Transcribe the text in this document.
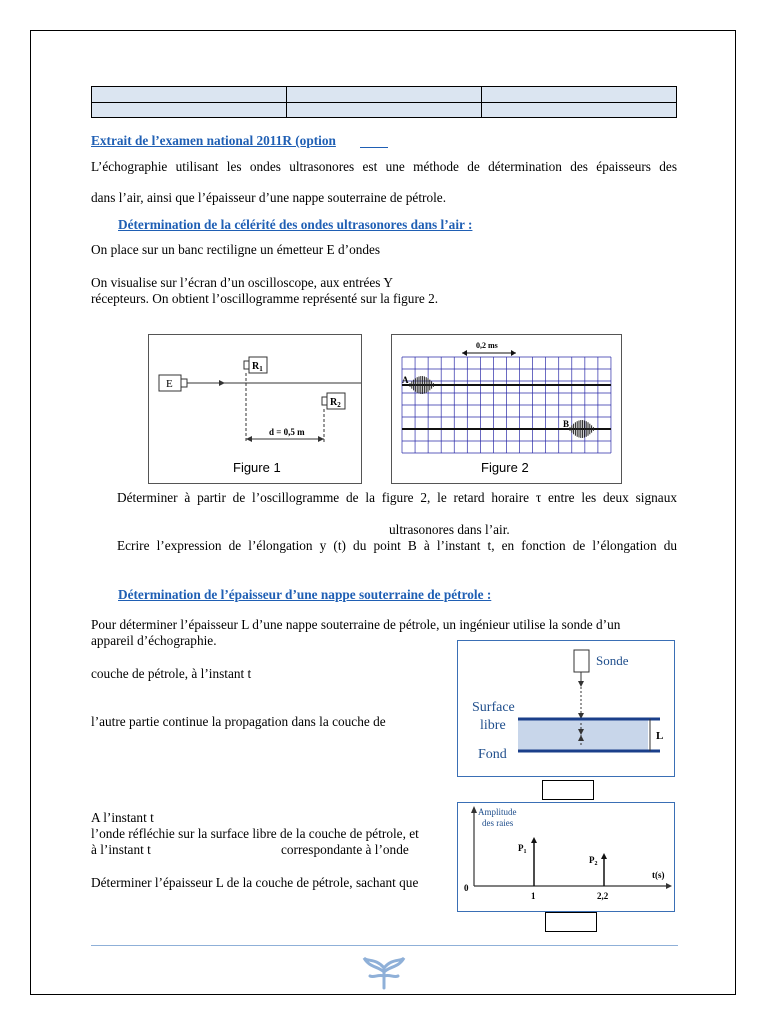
Extrait de l’examen national 2011R (option
L’échographie utilisant les ondes ultrasonores est une méthode de détermination des épaisseurs des
dans l’air, ainsi que l’épaisseur d’une nappe souterraine de pétrole.
Détermination de la célérité des ondes ultrasonores dans l’air :
On place sur un banc rectiligne un émetteur E d’ondes
On visualise sur l’écran d’un oscilloscope, aux entrées Y
récepteurs. On obtient l’oscillogramme représenté sur la figure 2.
E
$R_1$
$R_2$
d = 0,5 m
Figure 1
0,2 ms
A
B
Figure 2
Déterminer à partir de l’oscillogramme de la figure 2, le retard horaire τ entre les deux signaux
ultrasonores dans l’air.
Ecrire l’expression de l’élongation y (t) du point B à l’instant t, en fonction de l’élongation du
Détermination de l’épaisseur d’une nappe souterraine de pétrole :
Pour déterminer l’épaisseur L d’une nappe souterraine de pétrole, un ingénieur utilise la sonde d’un
appareil d’échographie.
couche de pétrole, à l’instant t
l’autre partie continue la propagation dans la couche de
Sonde
L
Surface
libre
Fond
A l’instant t
l’onde réfléchie sur la surface libre de la couche de pétrole, et
à l’instant t	correspondante à l’onde
Déterminer l’épaisseur L de la couche de pétrole, sachant que
Amplitude
des raies
t(s)
0
$P_1$
$P_2$
1	2,2
